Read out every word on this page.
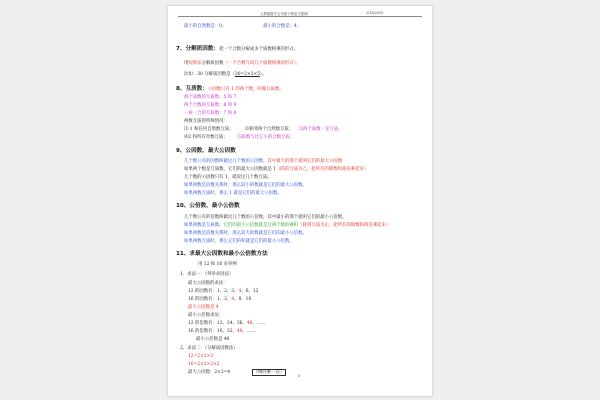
人教版数学五年级下册复习提纲	2/18/2020
最小的自然数是：0；	最小的合数是：4；
7、分解质因数：把一个合数分解成多个质数相乘的形式。
用短除法分解质因数（一个合数写成几个质数相乘的形式）。
比如：30 分解质因数是（30=2×3×5）。
8、互质数：公因数只有 1 的两个数，叫做互质数。
两个质数的互质数：5 和 7
两个合数的互质数：8 和 9
一质一合的互质数：7 和 8
两数互质的特殊情况：
⑴ 1 和任何自然数互质；	⑵相邻两个自然数互质； ⑶两个质数一定互质；
⑷2 和所有奇数互质； ⑸质数与比它小的合数互质；
9、公因数、最大公因数
几个数公有的因数叫做这几个数的公因数。其中最大的那个就叫它们的最大公因数
如果两个数是互质数，它们的最大公因数就是 1（除的互质为乙，把所有的除数和商连乘起来）
几个数的公因数只有 1，就说这几个数互质。
如果两数是倍数关系时，那么较小的数就是它们的最大公因数。
如果两数互质时，那么 1 就是它们的最大公因数。
10、公倍数、最小公倍数
几个数公有的倍数叫做这几个数的公倍数，其中最小的那个就叫它们的最小公倍数。
如果两数是互质数，它们的最小公倍数就是这两个数的乘积（除到互质为止，把所有的除数和商连乘起来）
如果两数是倍数关系时，那么较大的数就是它们的最小公倍数。
如果两数互质时，那么它们的积就是它们的最小公倍数。
11、求最大公因数和最小公倍数方法
用 12 和 16 来举例
1、求法一：（列举求因法）
最大公因数的求法：
12 的因数有：1、2、3、4、6、12
16 的因数有：1、2、4、8、16
最大公因数是 4
最小公倍数求法：
12 的倍数有：12、24、36、48、……
16 的倍数有：16、32、48、……
最小公倍数是 48
2、求法二：（分解质因数法）
12=2×2×3
16=2×2×2×2
最大公因数：2×2=4	（相同乘一次）
5
